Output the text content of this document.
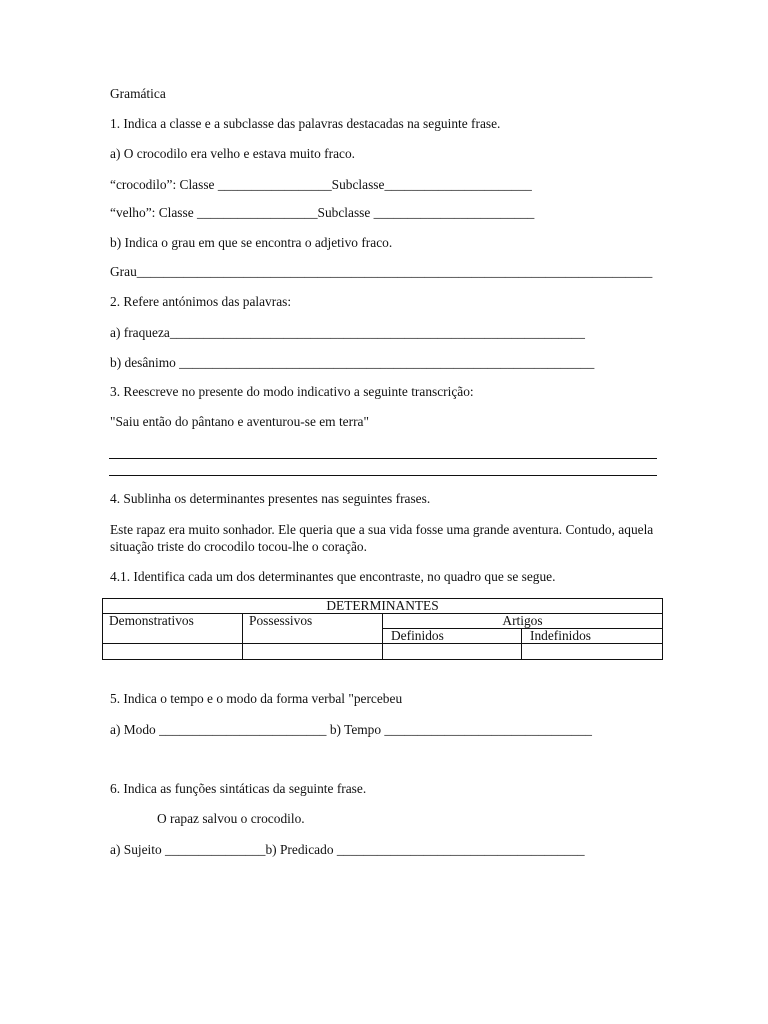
Gramática
1. Indica a classe e a subclasse das palavras destacadas na seguinte frase.
a) O crocodilo era velho e estava muito fraco.
“crocodilo”: Classe _________________Subclasse______________________
“velho”: Classe __________________Subclasse ________________________
b) Indica o grau em que se encontra o adjetivo fraco.
Grau_____________________________________________________________________________
2. Refere antónimos das palavras:
a) fraqueza______________________________________________________________
b) desânimo ______________________________________________________________
3. Reescreve no presente do modo indicativo a seguinte transcrição:
"Saiu então do pântano e aventurou-se em terra"
4. Sublinha os determinantes presentes nas seguintes frases.
Este rapaz era muito sonhador. Ele queria que a sua vida fosse uma grande aventura. Contudo, aquela situação triste do crocodilo tocou-lhe o coração.
4.1. Identifica cada um dos determinantes que encontraste, no quadro que se segue.
DETERMINANTES			
Demonstrativos	Possessivos	Artigos	
		Definidos	Indefinidos

5. Indica o tempo e o modo da forma verbal "percebeu
a) Modo _________________________ b) Tempo _______________________________
6. Indica as funções sintáticas da seguinte frase.
O rapaz salvou o crocodilo.
a) Sujeito _______________b) Predicado _____________________________________
